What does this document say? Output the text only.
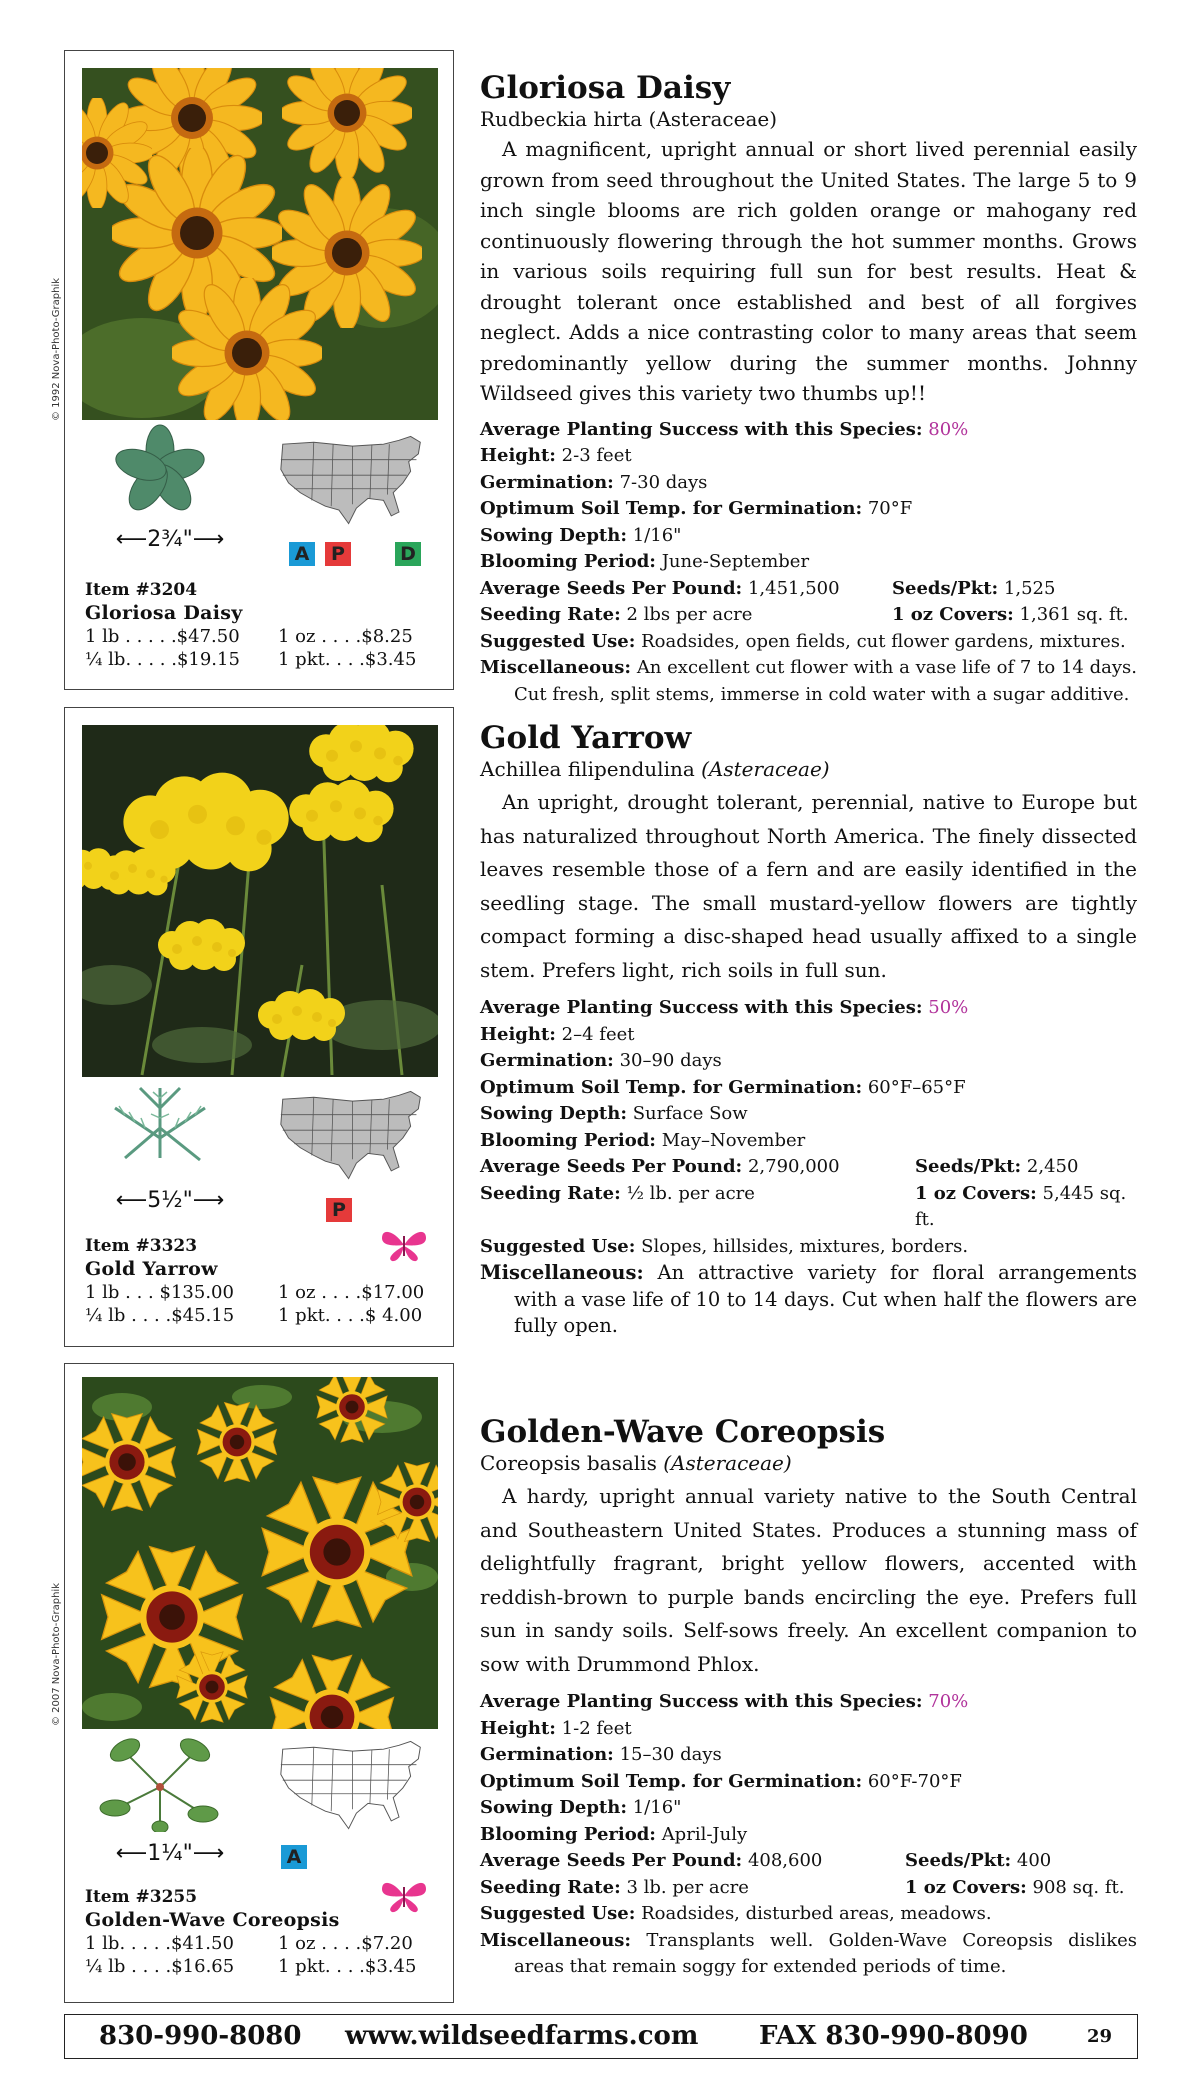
© 1992 Nova-Photo-Graphik
⟵2¾"⟶
A	P	D
Item #3204
Gloriosa Daisy
1 lb . . . . .$47.50	1 oz . . . .$8.25
¼ lb. . . . .$19.15	1 pkt. . . .$3.45
Gloriosa Daisy
Rudbeckia hirta (Asteraceae)

A magnificent, upright annual or short lived perennial easily grown from seed throughout the United States. The large 5 to 9 inch single blooms are rich golden orange or mahogany red continuously flowering through the hot summer months. Grows in various soils requiring full sun for best results. Heat & drought tolerant once established and best of all forgives neglect. Adds a nice contrasting color to many areas that seem predominantly yellow during the summer months. Johnny Wildseed gives this variety two thumbs up!!

Average Planting Success with this Species: 80%
Height: 2-3 feet
Germination: 7-30 days
Optimum Soil Temp. for Germination: 70°F
Sowing Depth: 1/16"
Blooming Period: June-September
Average Seeds Per Pound: 1,451,500	Seeds/Pkt: 1,525
Seeding Rate: 2 lbs per acre	1 oz Covers: 1,361 sq. ft.
Suggested Use: Roadsides, open fields, cut flower gardens, mixtures.
Miscellaneous: An excellent cut flower with a vase life of 7 to 14 days. Cut fresh, split stems, immerse in cold water with a sugar additive.
⟵5½"⟶	P
Item #3323
Gold Yarrow
1 lb . . . $135.00	1 oz . . . .$17.00
¼ lb . . . .$45.15	1 pkt. . . .$ 4.00
Gold Yarrow
Achillea filipendulina (Asteraceae)

An upright, drought tolerant, perennial, native to Europe but has naturalized throughout North America. The finely dissected leaves resemble those of a fern and are easily identified in the seedling stage. The small mustard-yellow flowers are tightly compact forming a disc-shaped head usually affixed to a single stem. Prefers light, rich soils in full sun.

Average Planting Success with this Species: 50%
Height: 2–4 feet
Germination: 30–90 days
Optimum Soil Temp. for Germination: 60°F–65°F
Sowing Depth: Surface Sow
Blooming Period: May–November
Average Seeds Per Pound: 2,790,000	Seeds/Pkt: 2,450
Seeding Rate: ½ lb. per acre	1 oz Covers: 5,445 sq. ft.
Suggested Use: Slopes, hillsides, mixtures, borders.
Miscellaneous: An attractive variety for floral arrangements with a vase life of 10 to 14 days. Cut when half the flowers are fully open.
© 2007 Nova-Photo-Graphik
⟵1¼"⟶	A
Item #3255
Golden-Wave Coreopsis
1 lb. . . . .$41.50	1 oz . . . .$7.20
¼ lb . . . .$16.65	1 pkt. . . .$3.45
Golden-Wave Coreopsis
Coreopsis basalis (Asteraceae)

A hardy, upright annual variety native to the South Central and Southeastern United States. Produces a stunning mass of delightfully fragrant, bright yellow flowers, accented with reddish-brown to purple bands encircling the eye. Prefers full sun in sandy soils. Self-sows freely. An excellent companion to sow with Drummond Phlox.

Average Planting Success with this Species: 70%
Height: 1-2 feet
Germination: 15–30 days
Optimum Soil Temp. for Germination: 60°F-70°F
Sowing Depth: 1/16"
Blooming Period: April-July
Average Seeds Per Pound: 408,600	Seeds/Pkt: 400
Seeding Rate: 3 lb. per acre	1 oz Covers: 908 sq. ft.
Suggested Use: Roadsides, disturbed areas, meadows.
Miscellaneous: Transplants well. Golden-Wave Coreopsis dislikes areas that remain soggy for extended periods of time.
830-990-8080 www.wildseedfarms.com FAX 830-990-8090	29
